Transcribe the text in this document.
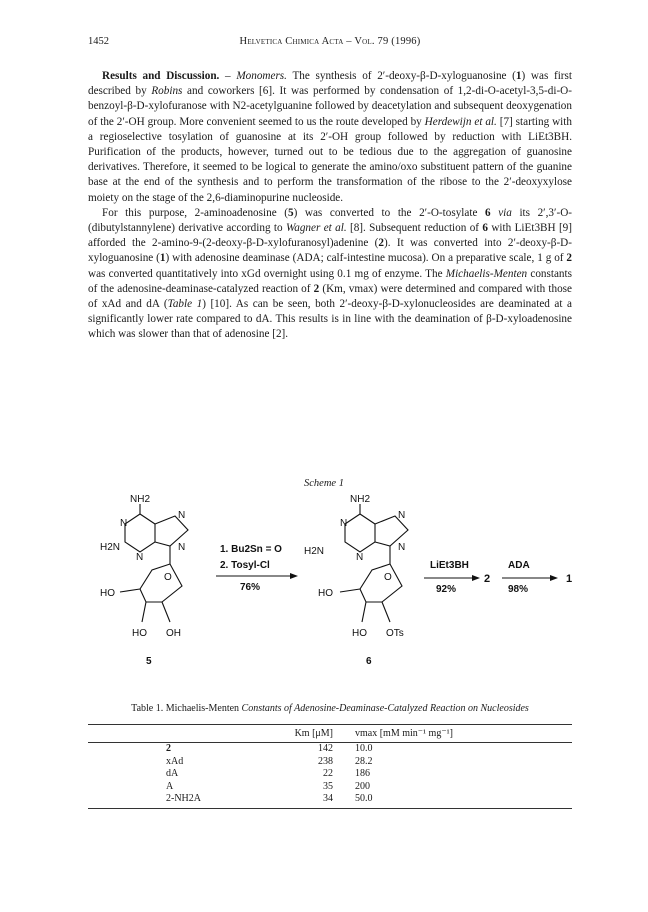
1452	Helvetica Chimica Acta – Vol. 79 (1996)

Results and Discussion. – Monomers. The synthesis of 2′-deoxy-β-D-xyloguanosine (1) was first described by Robins and coworkers [6]. It was performed by condensation of 1,2-di-O-acetyl-3,5-di-O-benzoyl-β-D-xylofuranose with N2-acetylguanine followed by deacetylation and subsequent deoxygenation of the 2′-OH group. More convenient seemed to us the route developed by Herdewijn et al. [7] starting with a regioselective tosylation of guanosine at its 2′-OH group followed by reduction with LiEt3BH. Purification of the products, however, turned out to be tedious due to the aggregation of guanosine derivatives. Therefore, it seemed to be logical to generate the amino/oxo substituent pattern of the guanine base at the end of the synthesis and to perform the transformation of the ribose to the 2′-deoxyxylose moiety on the stage of the 2,6-diaminopurine nucleoside.

For this purpose, 2-aminoadenosine (5) was converted to the 2′-O-tosylate 6 via its 2′,3′-O-(dibutylstannylene) derivative according to Wagner et al. [8]. Subsequent reduction of 6 with LiEt3BH [9] afforded the 2-amino-9-(2-deoxy-β-D-xylofuranosyl)adenine (2). It was converted into 2′-deoxy-β-D-xyloguanosine (1) with adenosine deaminase (ADA; calf-intestine mucosa). On a preparative scale, 1 g of 2 was converted quantitatively into xGd overnight using 0.1 mg of enzyme. The Michaelis-Menten constants of the adenosine-deaminase-catalyzed reaction of 2 (Km, vmax) were determined and compared with those of xAd and dA (Table 1) [10]. As can be seen, both 2′-deoxy-β-D-xylonucleosides are deaminated at a significantly lower rate compared to dA. This results is in line with the deamination of β-D-xyloadenosine which was slower than that of adenosine [2].

Scheme 1
NH2
N
N
N
N
H2N
O
HO
HO OH
5
1. Bu2Sn = O
2. Tosyl-Cl
76%
NH2
N
N
N
N
H2N
O
HO
HO OTs
6
LiEt3BH
92%
2
ADA
98%
1
Table 1. Michaelis-Menten Constants of Adenosine-Deaminase-Catalyzed Reaction on Nucleosides
		Km [μM]	vmax [mM min⁻¹ mg⁻¹]	
	2	142	10.0	
	xAd	238	28.2	
	dA	22	186	
	A	35	200	
	2-NH2A	34	50.0	
